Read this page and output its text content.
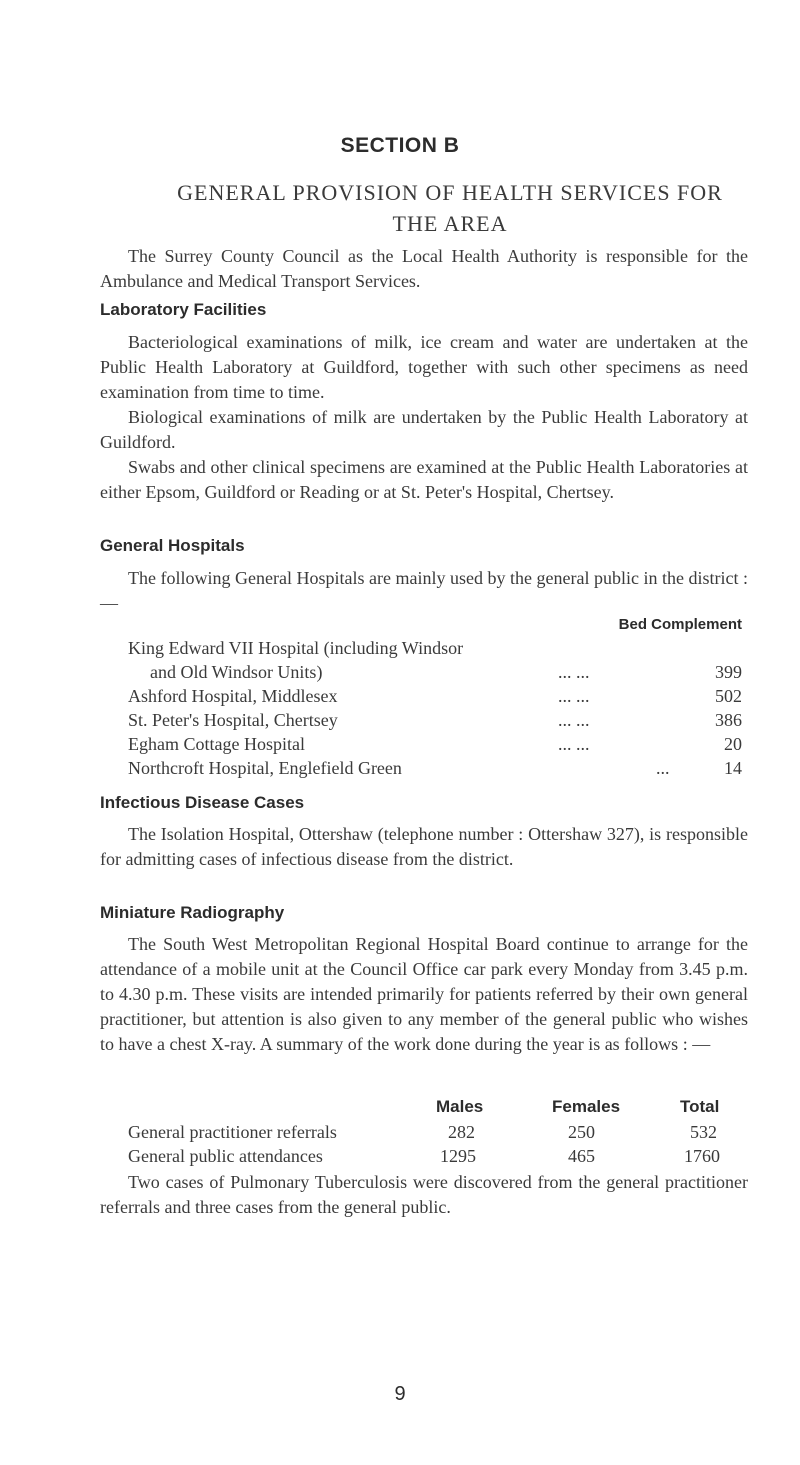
SECTION B
GENERAL PROVISION OF HEALTH SERVICES FOR
THE AREA

The Surrey County Council as the Local Health Authority is responsible for the Ambulance and Medical Transport Services.

Laboratory Facilities

Bacteriological examinations of milk, ice cream and water are undertaken at the Public Health Laboratory at Guildford, together with such other specimens as need examination from time to time.

Biological examinations of milk are undertaken by the Public Health Laboratory at Guildford.

Swabs and other clinical specimens are examined at the Public Health Laboratories at either Epsom, Guildford or Reading or at St. Peter's Hospital, Chertsey.

General Hospitals

The following General Hospitals are mainly used by the general public in the district : —

Bed Complement
King Edward VII Hospital (including Windsor
and Old Windsor Units)	... ...	399
Ashford Hospital, Middlesex	... ...	502
St. Peter's Hospital, Chertsey	... ...	386
Egham Cottage Hospital	... ...	20
Northcroft Hospital, Englefield Green	...	14
Infectious Disease Cases

The Isolation Hospital, Ottershaw (telephone number : Ottershaw 327), is responsible for admitting cases of infectious disease from the district.

Miniature Radiography

The South West Metropolitan Regional Hospital Board continue to arrange for the attendance of a mobile unit at the Council Office car park every Monday from 3.45 p.m. to 4.30 p.m. These visits are intended primarily for patients referred by their own general practitioner, but attention is also given to any member of the general public who wishes to have a chest X-ray. A summary of the work done during the year is as follows : —

Males	Females	Total
General practitioner referrals	282	250	532
General public attendances	1295	465	1760

Two cases of Pulmonary Tuberculosis were discovered from the general practitioner referrals and three cases from the general public.

9
